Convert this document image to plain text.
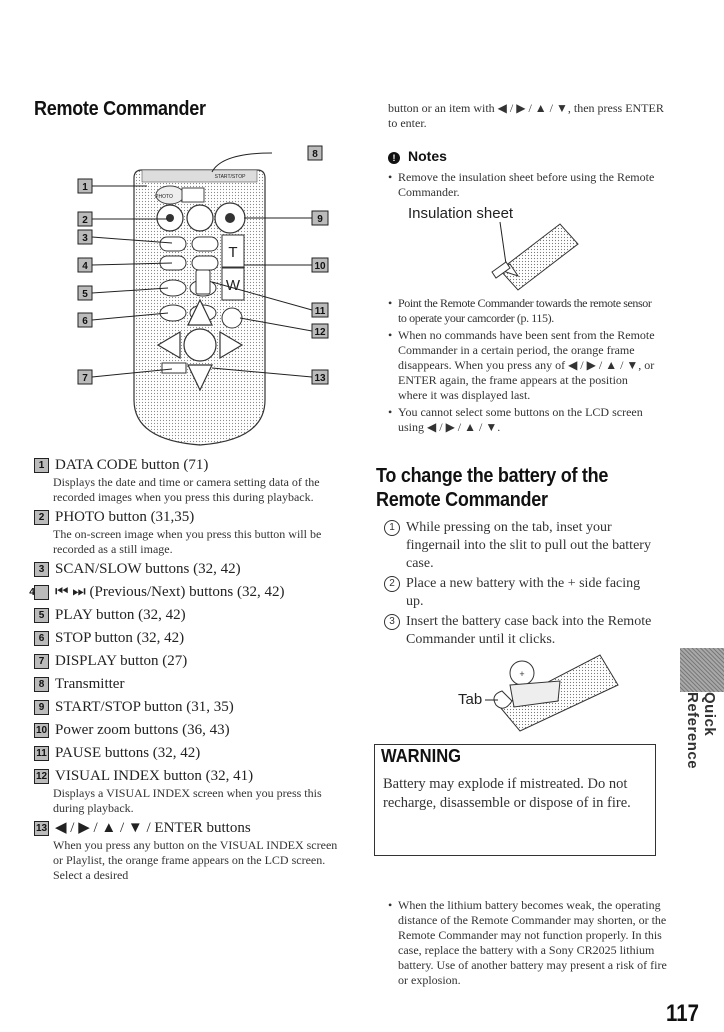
Remote Commander
T
W
1
2
3
4
5
6
7
8
9
10
11
12
13
PHOTO
START/STOP
1 DATA CODE button (71)
Displays the date and time or camera setting data of the recorded images when you press this during playback.
2 PHOTO button (31,35)
The on-screen image when you press this button will be recorded as a still image.
3 SCAN/SLOW buttons (32, 42)
4 ⏮ ⏭ (Previous/Next) buttons (32, 42)
5 PLAY button (32, 42)
6 STOP button (32, 42)
7 DISPLAY button (27)
8 Transmitter
9 START/STOP button (31, 35)
10 Power zoom buttons (36, 43)
11 PAUSE buttons (32, 42)
12 VISUAL INDEX button (32, 41)
Displays a VISUAL INDEX screen when you press this during playback.
13 ◀ / ▶ / ▲ / ▼ / ENTER buttons
When you press any button on the VISUAL INDEX screen or Playlist, the orange frame appears on the LCD screen. Select a desired
button or an item with ◀ / ▶ / ▲ / ▼, then press ENTER to enter.
! Notes
• Remove the insulation sheet before using the Remote Commander.
Insulation sheet
• Point the Remote Commander towards the remote sensor to operate your camcorder (p. 115).
• When no commands have been sent from the Remote Commander in a certain period, the orange frame disappears. When you press any of ◀ / ▶ / ▲ / ▼, or ENTER again, the frame appears at the position where it was displayed last.
• You cannot select some buttons on the LCD screen using ◀ / ▶ / ▲ / ▼.
To change the battery of the Remote Commander
1 While pressing on the tab, inset your fingernail into the slit to pull out the battery case.
2 Place a new battery with the + side facing up.
3 Insert the battery case back into the Remote Commander until it clicks.
+
Tab
WARNING
Battery may explode if mistreated. Do not recharge, disassemble or dispose of in fire.
• When the lithium battery becomes weak, the operating distance of the Remote Commander may shorten, or the Remote Commander may not function properly. In this case, replace the battery with a Sony CR2025 lithium battery. Use of another battery may present a risk of fire or explosion.
Quick Reference
117
